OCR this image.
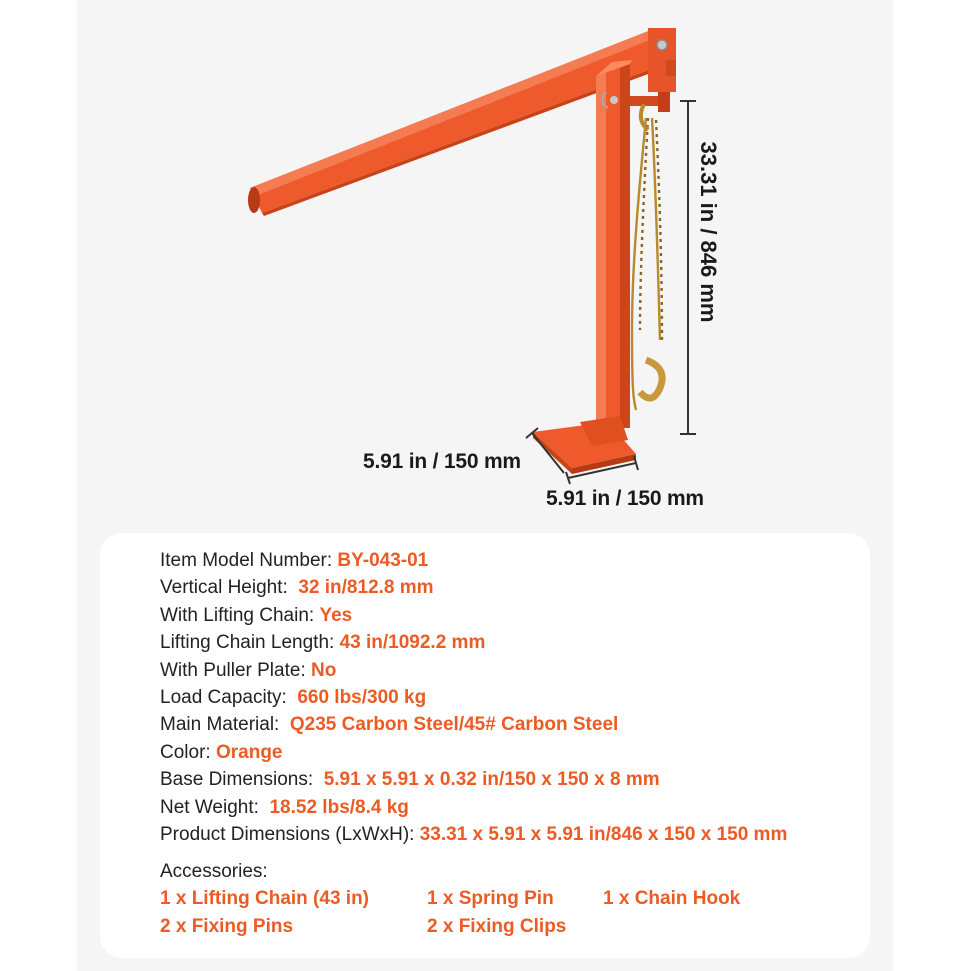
33.31 in / 846 mm
5.91 in / 150 mm
5.91 in / 150 mm
Item Model Number: BY-043-01
Vertical Height: 32 in/812.8 mm
With Lifting Chain: Yes
Lifting Chain Length: 43 in/1092.2 mm
With Puller Plate: No
Load Capacity: 660 lbs/300 kg
Main Material: Q235 Carbon Steel/45# Carbon Steel
Color: Orange
Base Dimensions: 5.91 x 5.91 x 0.32 in/150 x 150 x 8 mm
Net Weight: 18.52 lbs/8.4 kg
Product Dimensions (LxWxH): 33.31 x 5.91 x 5.91 in/846 x 150 x 150 mm
Accessories:
1 x Lifting Chain (43 in)	1 x Spring Pin	1 x Chain Hook
2 x Fixing Pins	2 x Fixing Clips
